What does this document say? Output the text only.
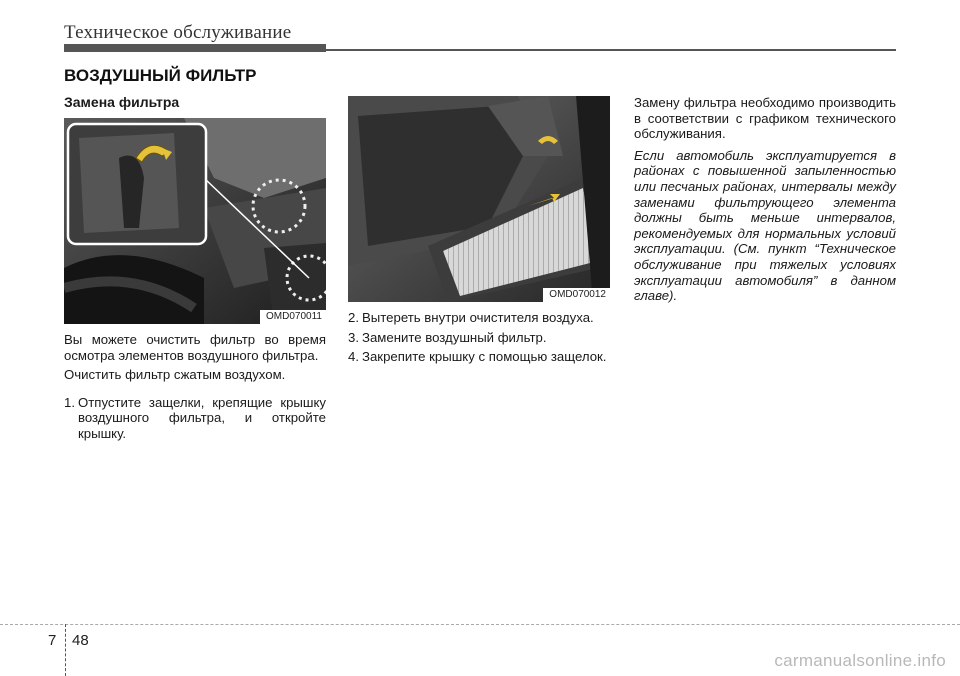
Техническое обслуживание
ВОЗДУШНЫЙ ФИЛЬТР

Замена фильтра

OMD070011

Вы можете очистить фильтр во время осмотра элементов воздушного фильтра.

Очистить фильтр сжатым воздухом.

1. Отпустите защелки, крепящие крышку воздушного фильтра, и откройте крышку.
OMD070012
2. Вытереть внутри очистителя воздуха.
3. Замените воздушный фильтр.
4. Закрепите крышку с помощью защелок.

Замену фильтра необходимо производить в соответствии с графиком технического обслуживания.

Если автомобиль эксплуатируется в районах с повышенной запыленностью или песчаных районах, интервалы между заменами фильтрующего элемента должны быть меньше интервалов, рекомендуемых для нормальных условий эксплуатации. (См. пункт “Техническое обслуживание при тяжелых условиях эксплуатации автомобиля” в данном главе).

7 48
carmanualsonline.info
